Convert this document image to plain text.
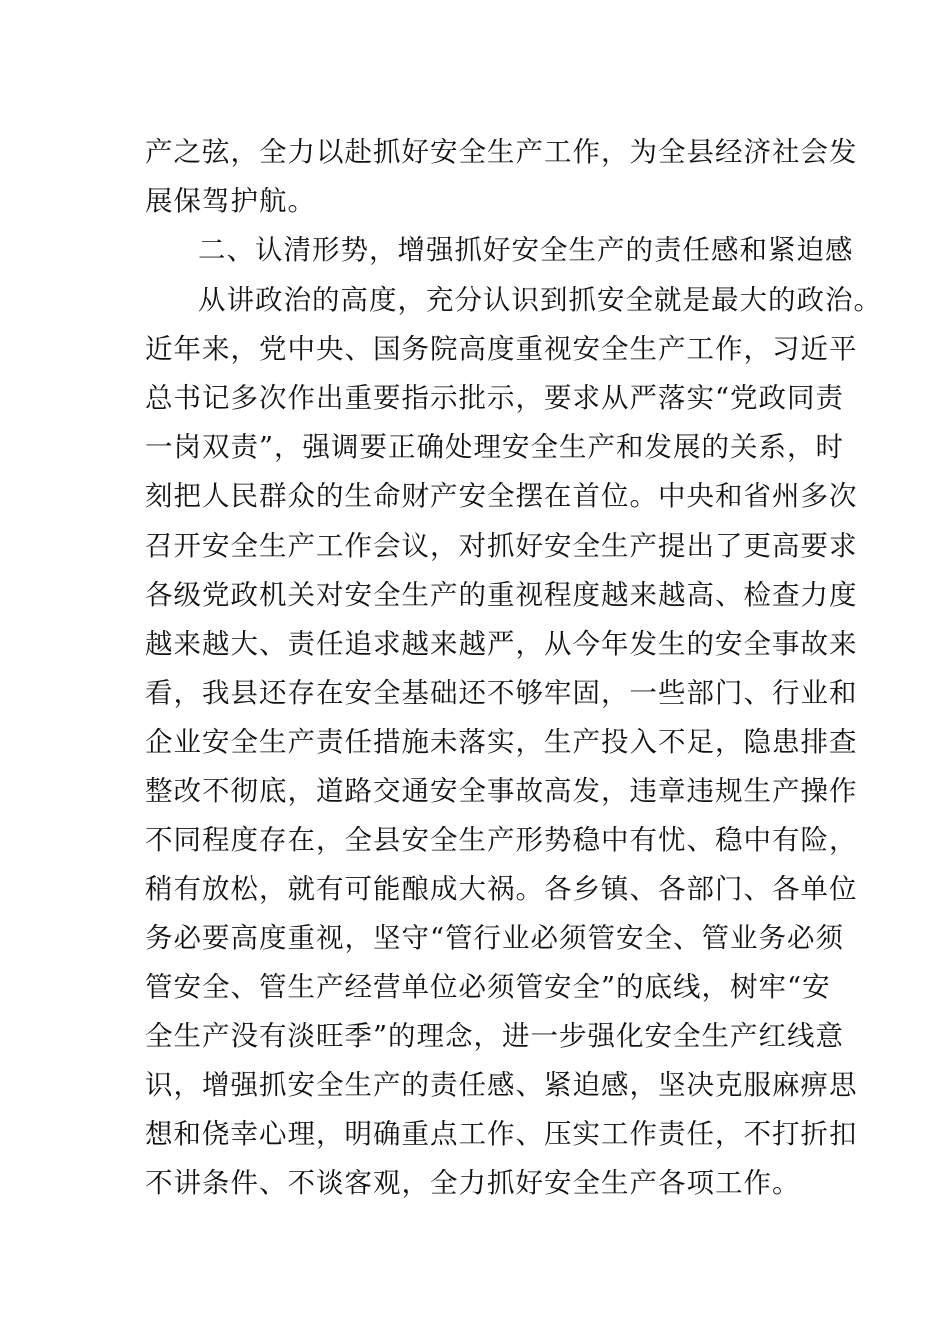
产之弦，全力以赴抓好安全生产工作，为全县经济社会发
展保驾护航。
二、认清形势，增强抓好安全生产的责任感和紧迫感
从讲政治的高度，充分认识到抓安全就是最大的政治。
近年来，党中央、国务院高度重视安全生产工作，习近平
总书记多次作出重要指示批示，要求从严落实“党政同责
一岗双责”，强调要正确处理安全生产和发展的关系，时
刻把人民群众的生命财产安全摆在首位。中央和省州多次
召开安全生产工作会议，对抓好安全生产提出了更高要求
各级党政机关对安全生产的重视程度越来越高、检查力度
越来越大、责任追求越来越严，从今年发生的安全事故来
看，我县还存在安全基础还不够牢固，一些部门、行业和
企业安全生产责任措施未落实，生产投入不足，隐患排查
整改不彻底，道路交通安全事故高发，违章违规生产操作
不同程度存在，全县安全生产形势稳中有忧、稳中有险，
稍有放松，就有可能酿成大祸。各乡镇、各部门、各单位
务必要高度重视，坚守“管行业必须管安全、管业务必须
管安全、管生产经营单位必须管安全”的底线，树牢“安
全生产没有淡旺季”的理念，进一步强化安全生产红线意
识，增强抓安全生产的责任感、紧迫感，坚决克服麻痹思
想和侥幸心理，明确重点工作、压实工作责任，不打折扣
不讲条件、不谈客观，全力抓好安全生产各项工作。
